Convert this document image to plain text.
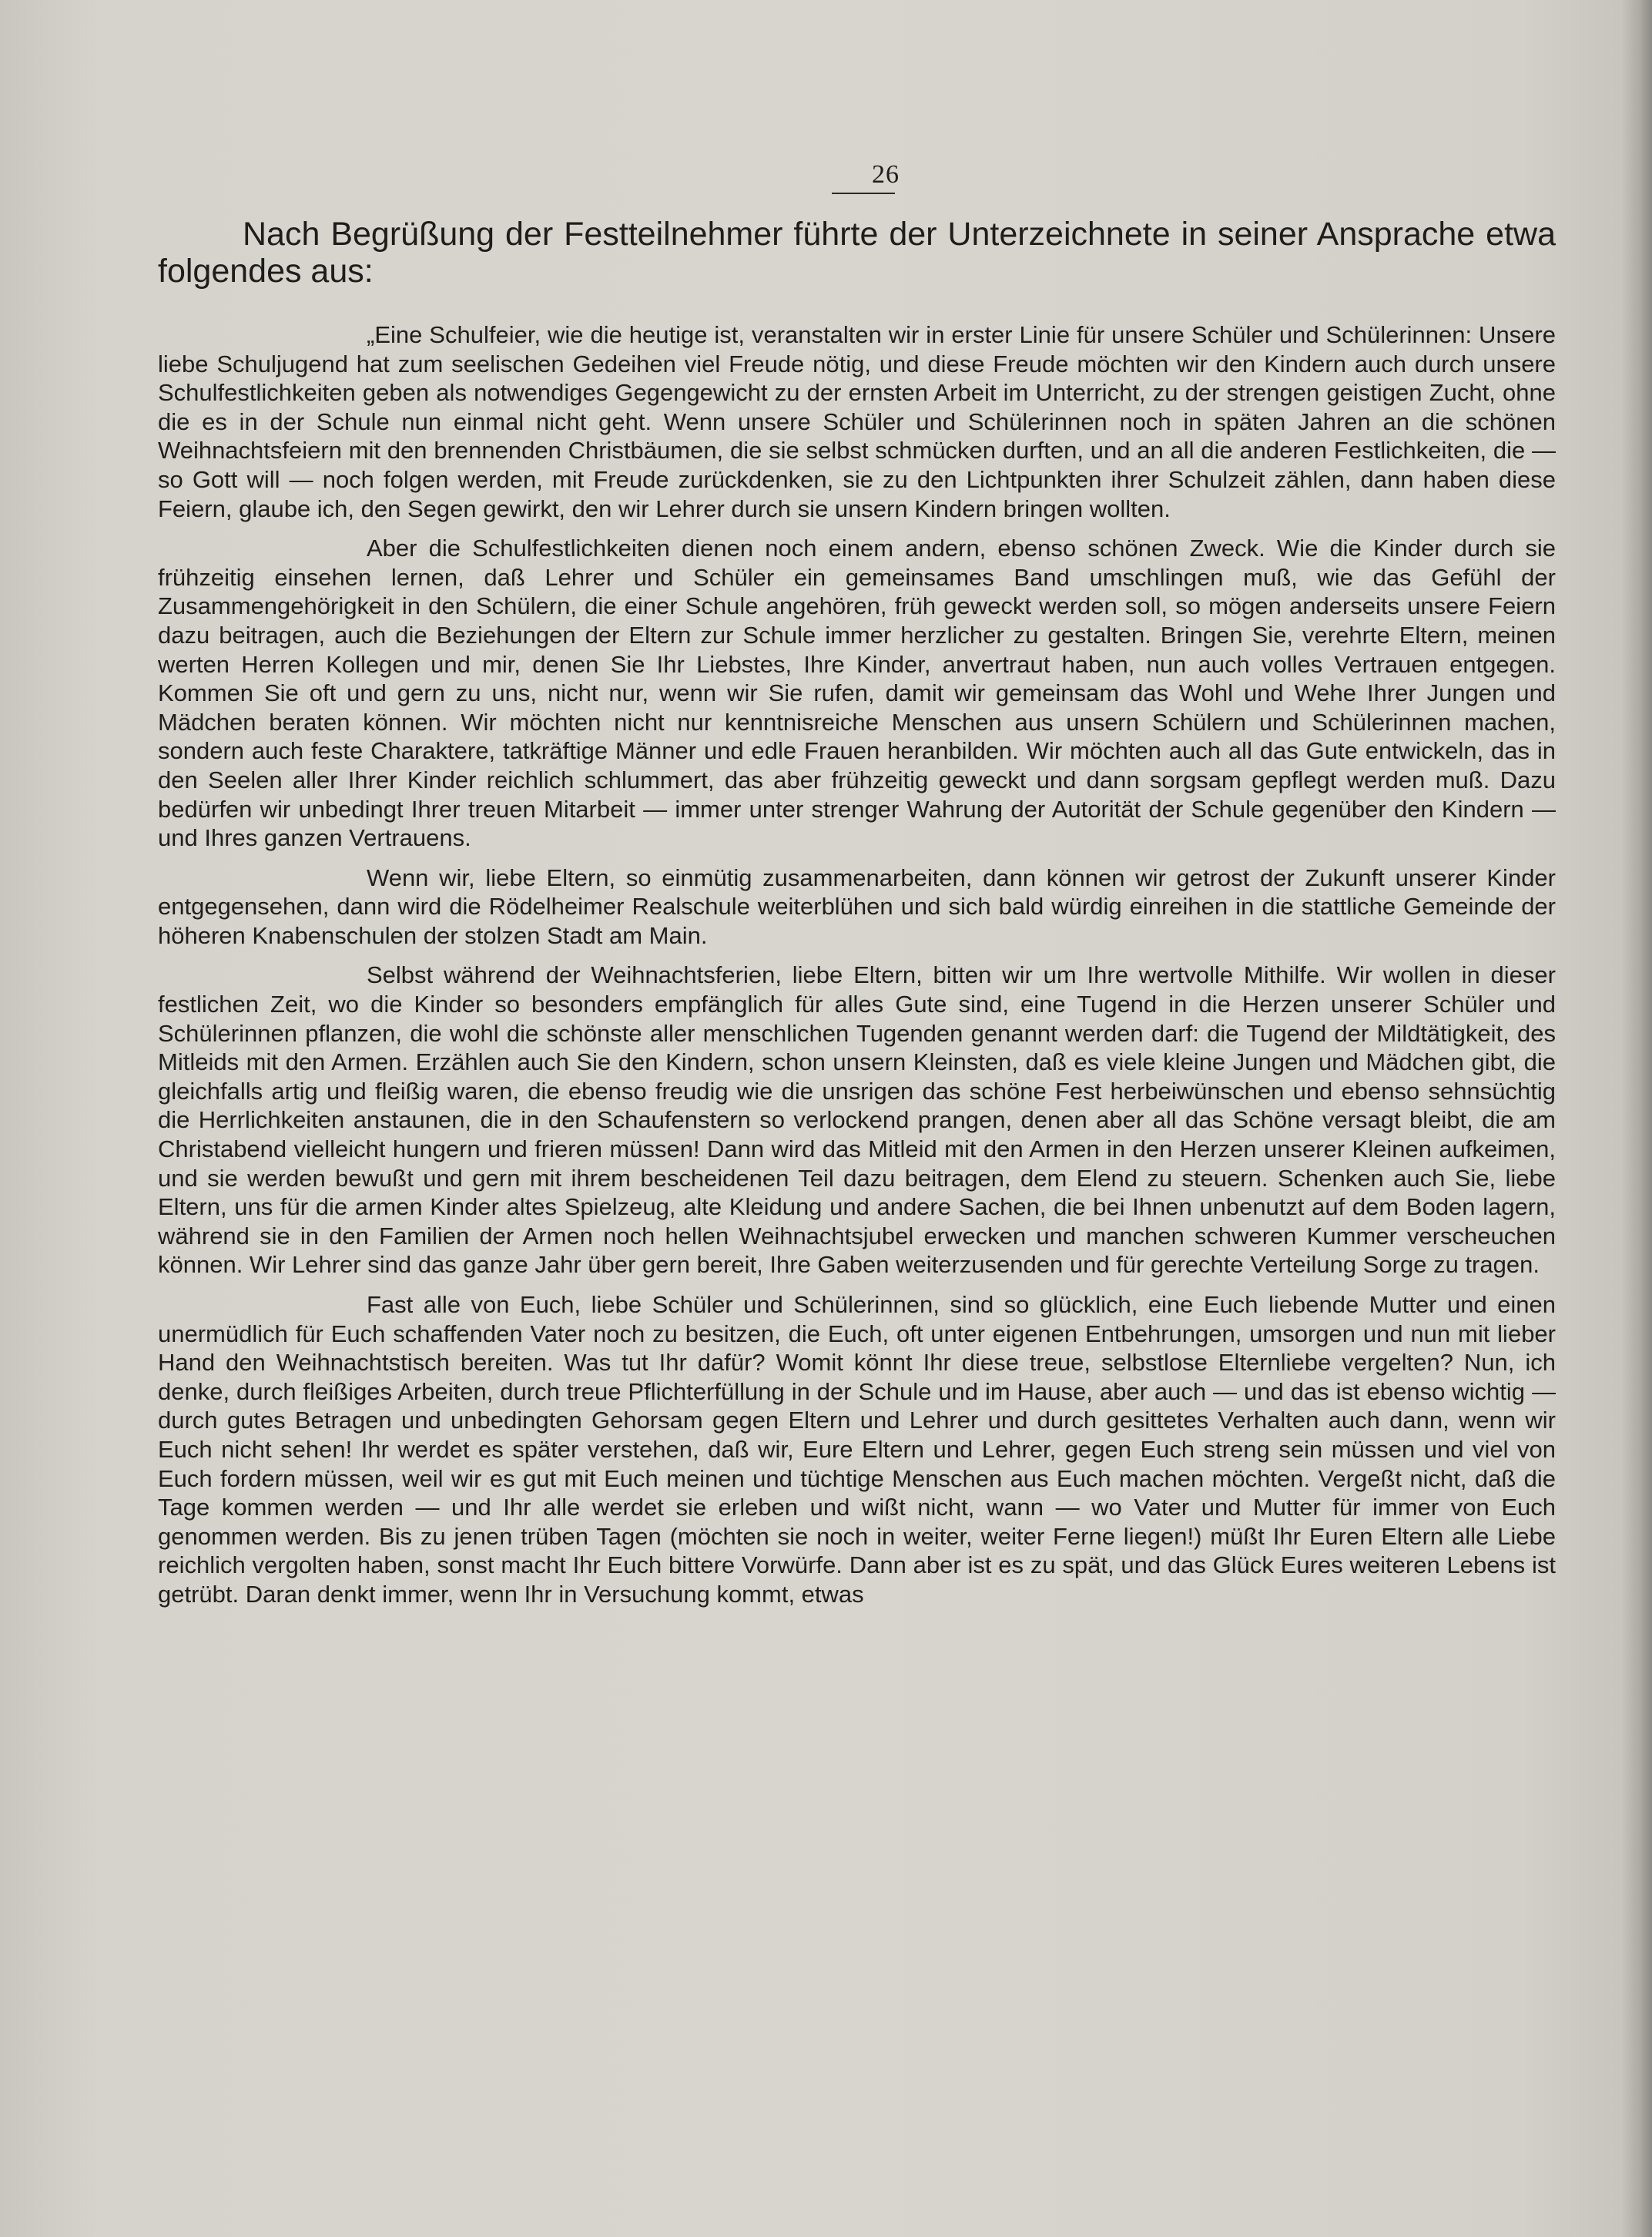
26

Nach Begrüßung der Festteilnehmer führte der Unterzeichnete in seiner Ansprache etwa folgendes aus:

„Eine Schulfeier, wie die heutige ist, veranstalten wir in erster Linie für unsere Schüler und Schülerinnen: Unsere liebe Schuljugend hat zum seelischen Gedeihen viel Freude nötig, und diese Freude möchten wir den Kindern auch durch unsere Schulfestlichkeiten geben als notwendiges Gegengewicht zu der ernsten Arbeit im Unterricht, zu der strengen geistigen Zucht, ohne die es in der Schule nun einmal nicht geht. Wenn unsere Schüler und Schülerinnen noch in späten Jahren an die schönen Weihnachtsfeiern mit den brennenden Christbäumen, die sie selbst schmücken durften, und an all die anderen Festlichkeiten, die — so Gott will — noch folgen werden, mit Freude zurückdenken, sie zu den Lichtpunkten ihrer Schulzeit zählen, dann haben diese Feiern, glaube ich, den Segen gewirkt, den wir Lehrer durch sie unsern Kindern bringen wollten.

Aber die Schulfestlichkeiten dienen noch einem andern, ebenso schönen Zweck. Wie die Kinder durch sie frühzeitig einsehen lernen, daß Lehrer und Schüler ein gemeinsames Band umschlingen muß, wie das Gefühl der Zusammengehörigkeit in den Schülern, die einer Schule angehören, früh geweckt werden soll, so mögen anderseits unsere Feiern dazu beitragen, auch die Beziehungen der Eltern zur Schule immer herzlicher zu gestalten. Bringen Sie, verehrte Eltern, meinen werten Herren Kollegen und mir, denen Sie Ihr Liebstes, Ihre Kinder, anvertraut haben, nun auch volles Vertrauen entgegen. Kommen Sie oft und gern zu uns, nicht nur, wenn wir Sie rufen, damit wir gemeinsam das Wohl und Wehe Ihrer Jungen und Mädchen beraten können. Wir möchten nicht nur kenntnisreiche Menschen aus unsern Schülern und Schülerinnen machen, sondern auch feste Charaktere, tatkräftige Männer und edle Frauen heranbilden. Wir möchten auch all das Gute entwickeln, das in den Seelen aller Ihrer Kinder reichlich schlummert, das aber frühzeitig geweckt und dann sorgsam gepflegt werden muß. Dazu bedürfen wir unbedingt Ihrer treuen Mitarbeit — immer unter strenger Wahrung der Autorität der Schule gegenüber den Kindern — und Ihres ganzen Vertrauens.

Wenn wir, liebe Eltern, so einmütig zusammenarbeiten, dann können wir getrost der Zukunft unserer Kinder entgegensehen, dann wird die Rödelheimer Realschule weiterblühen und sich bald würdig einreihen in die stattliche Gemeinde der höheren Knabenschulen der stolzen Stadt am Main.

Selbst während der Weihnachtsferien, liebe Eltern, bitten wir um Ihre wertvolle Mithilfe. Wir wollen in dieser festlichen Zeit, wo die Kinder so besonders empfänglich für alles Gute sind, eine Tugend in die Herzen unserer Schüler und Schülerinnen pflanzen, die wohl die schönste aller menschlichen Tugenden genannt werden darf: die Tugend der Mildtätigkeit, des Mitleids mit den Armen. Erzählen auch Sie den Kindern, schon unsern Kleinsten, daß es viele kleine Jungen und Mädchen gibt, die gleichfalls artig und fleißig waren, die ebenso freudig wie die unsrigen das schöne Fest herbeiwünschen und ebenso sehnsüchtig die Herrlichkeiten anstaunen, die in den Schaufenstern so verlockend prangen, denen aber all das Schöne versagt bleibt, die am Christabend vielleicht hungern und frieren müssen! Dann wird das Mitleid mit den Armen in den Herzen unserer Kleinen aufkeimen, und sie werden bewußt und gern mit ihrem bescheidenen Teil dazu beitragen, dem Elend zu steuern. Schenken auch Sie, liebe Eltern, uns für die armen Kinder altes Spielzeug, alte Kleidung und andere Sachen, die bei Ihnen unbenutzt auf dem Boden lagern, während sie in den Familien der Armen noch hellen Weihnachtsjubel erwecken und manchen schweren Kummer verscheuchen können. Wir Lehrer sind das ganze Jahr über gern bereit, Ihre Gaben weiterzusenden und für gerechte Verteilung Sorge zu tragen.

Fast alle von Euch, liebe Schüler und Schülerinnen, sind so glücklich, eine Euch liebende Mutter und einen unermüdlich für Euch schaffenden Vater noch zu besitzen, die Euch, oft unter eigenen Entbehrungen, umsorgen und nun mit lieber Hand den Weihnachtstisch bereiten. Was tut Ihr dafür? Womit könnt Ihr diese treue, selbstlose Elternliebe vergelten? Nun, ich denke, durch fleißiges Arbeiten, durch treue Pflichterfüllung in der Schule und im Hause, aber auch — und das ist ebenso wichtig — durch gutes Betragen und unbedingten Gehorsam gegen Eltern und Lehrer und durch gesittetes Verhalten auch dann, wenn wir Euch nicht sehen! Ihr werdet es später verstehen, daß wir, Eure Eltern und Lehrer, gegen Euch streng sein müssen und viel von Euch fordern müssen, weil wir es gut mit Euch meinen und tüchtige Menschen aus Euch machen möchten. Vergeßt nicht, daß die Tage kommen werden — und Ihr alle werdet sie erleben und wißt nicht, wann — wo Vater und Mutter für immer von Euch genommen werden. Bis zu jenen trüben Tagen (möchten sie noch in weiter, weiter Ferne liegen!) müßt Ihr Euren Eltern alle Liebe reichlich vergolten haben, sonst macht Ihr Euch bittere Vorwürfe. Dann aber ist es zu spät, und das Glück Eures weiteren Lebens ist getrübt. Daran denkt immer, wenn Ihr in Versuchung kommt, etwas
